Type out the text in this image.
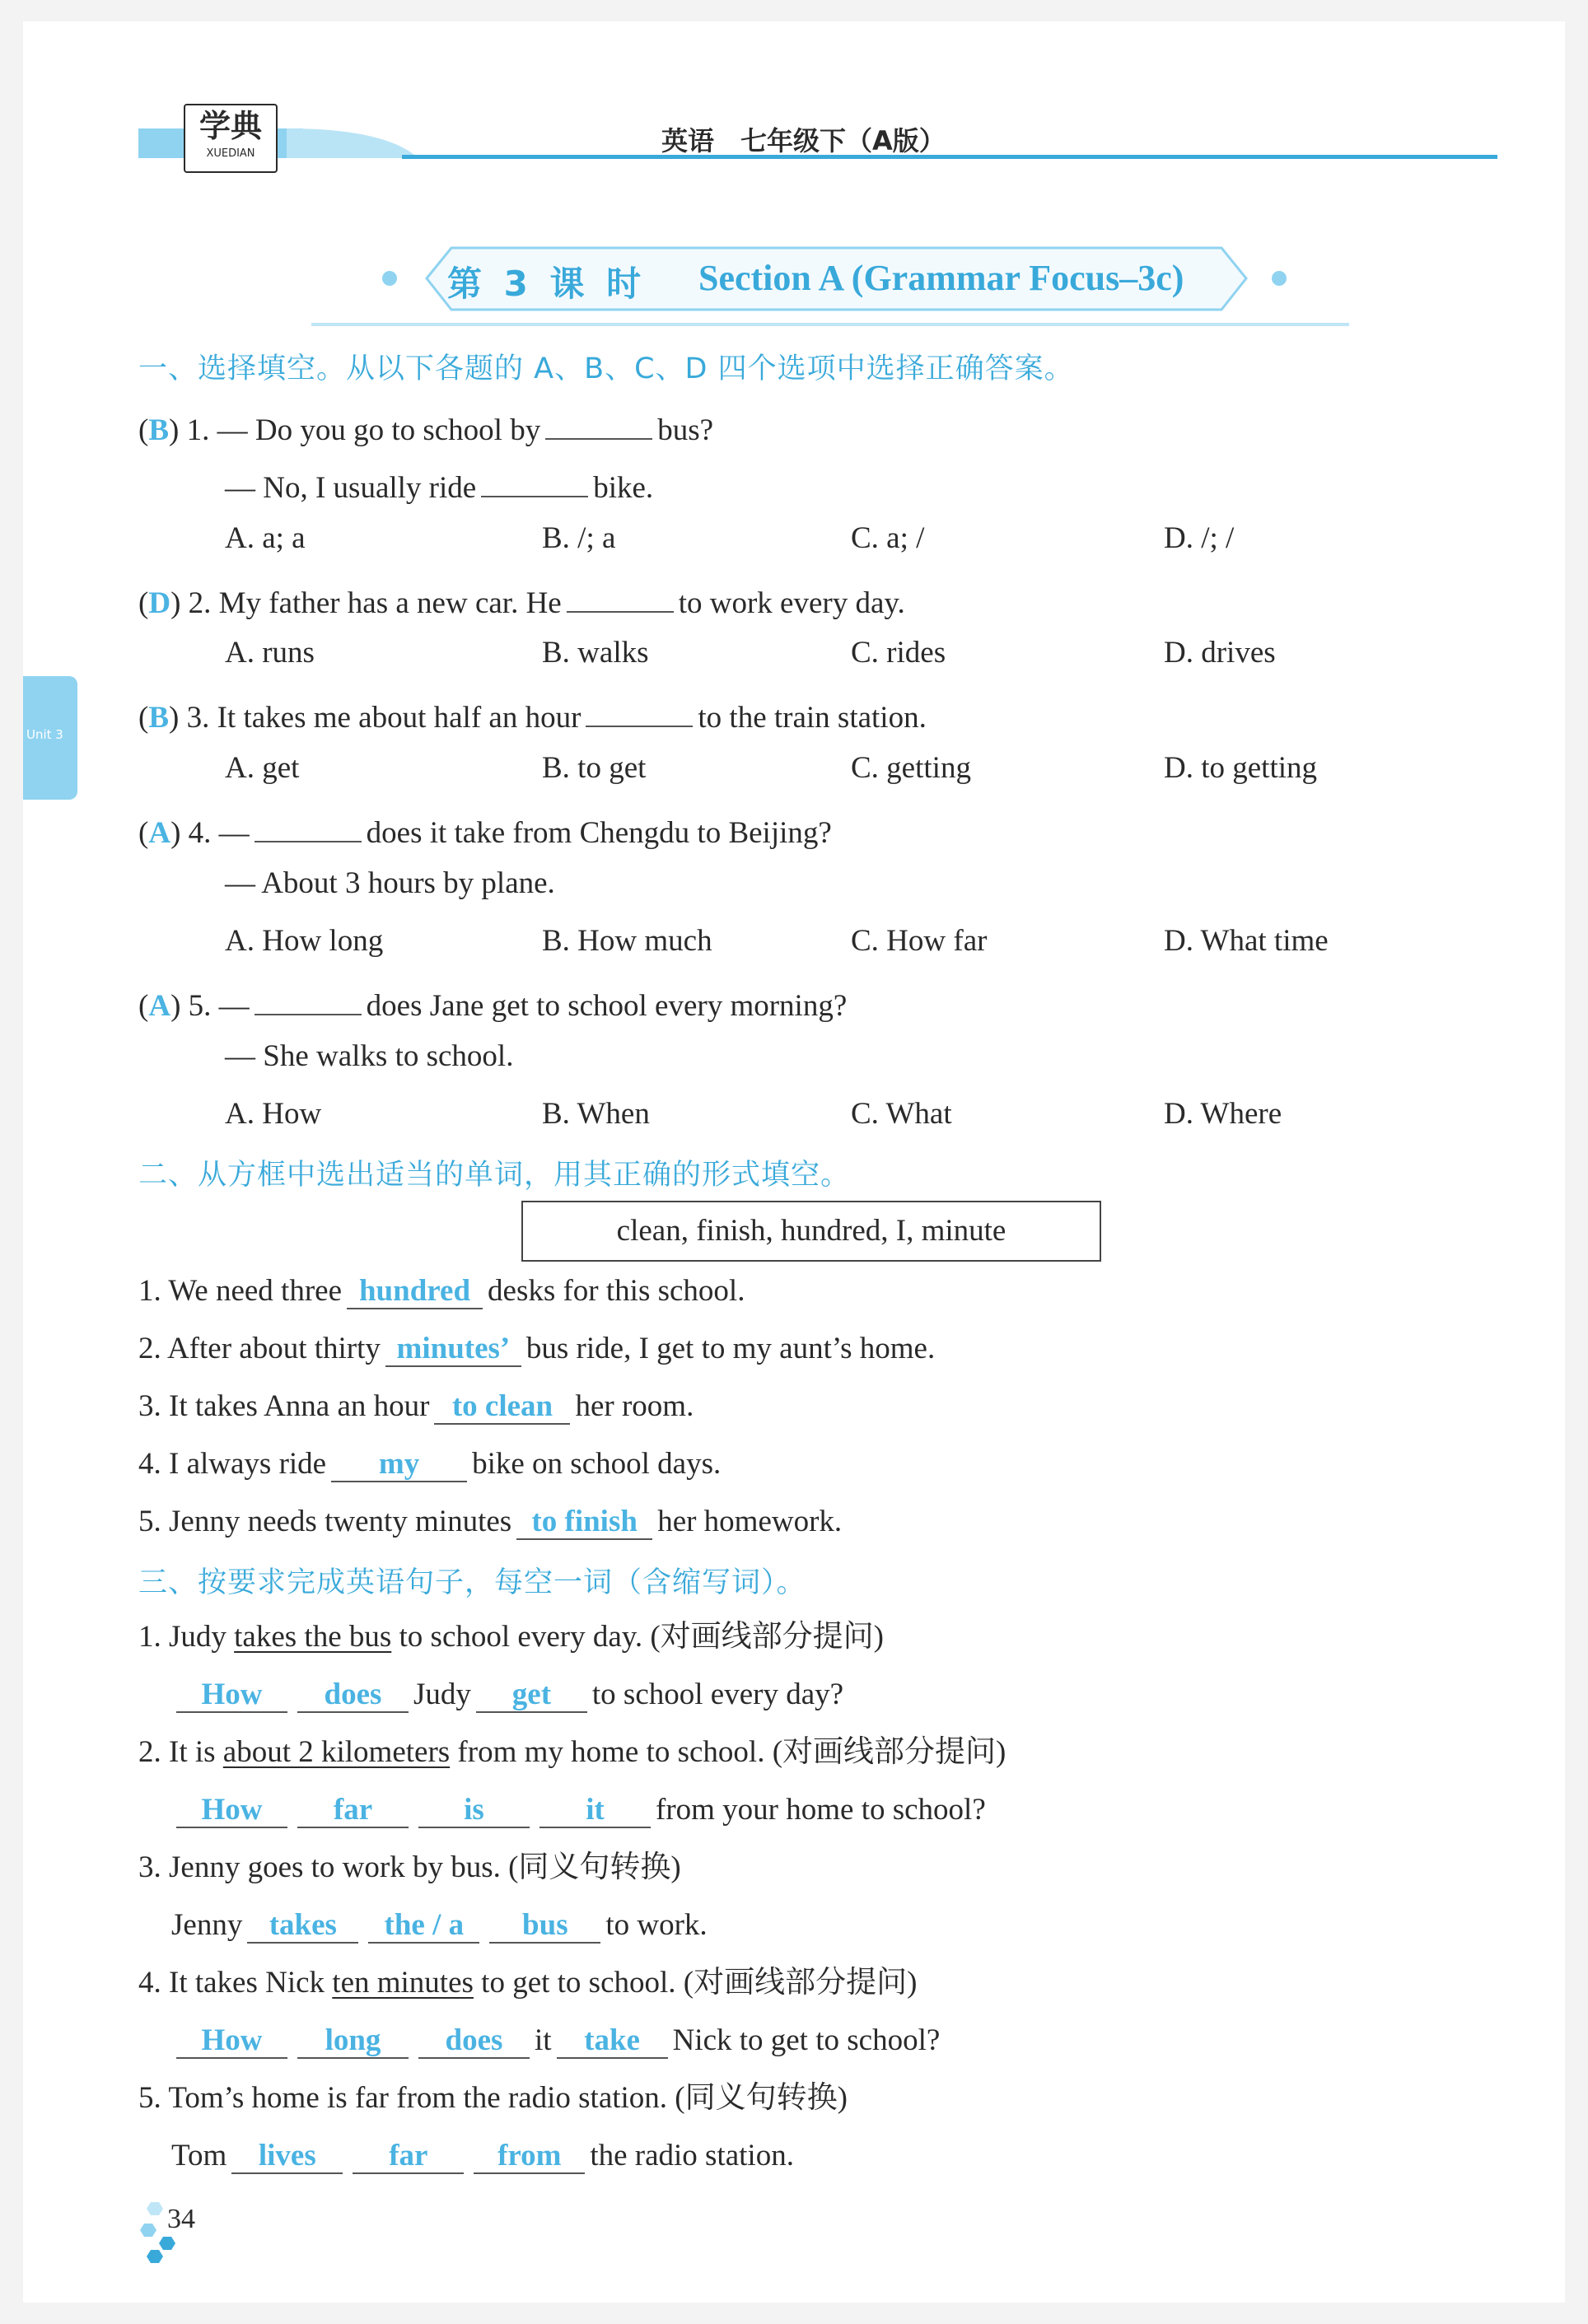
学典
XUEDIAN	英语　七年级下（A版）
第 3 课 时 Section A (Grammar Focus–3c)
Unit 3
一、选择填空。从以下各题的 A、B、C、D 四个选项中选择正确答案。
(B) 1. — Do you go to school by	bus?
— No, I usually ride	bike.
A. a; a	B. /; a	C. a; /	D. /; /
(D) 2. My father has a new car. He	to work every day.
A. runs	B. walks	C. rides	D. drives
(B) 3. It takes me about half an hour	to the train station.
A. get	B. to get	C. getting	D. to getting
(A) 4. —	does it take from Chengdu to Beijing?
— About 3 hours by plane.
A. How long	B. How much	C. How far	D. What time
(A) 5. —	does Jane get to school every morning?
— She walks to school.
A. How	B. When	C. What	D. Where
二、从方框中选出适当的单词，用其正确的形式填空。
clean, finish, hundred, I, minute
1. We need three hundred desks for this school.
2. After about thirty minutes’ bus ride, I get to my aunt’s home.
3. It takes Anna an hour to clean her room.
4. I always ride my bike on school days.
5. Jenny needs twenty minutes to finish her homework.
三、按要求完成英语句子，每空一词（含缩写词）。
1. Judy takes the bus to school every day. (对画线部分提问)
How does Judy get to school every day?
2. It is about 2 kilometers from my home to school. (对画线部分提问)
How far	is	it from your home to school?
3. Jenny goes to work by bus. (同义句转换)
Jenny takes the / a bus to work.
4. It takes Nick ten minutes to get to school. (对画线部分提问)
How long does it take Nick to get to school?
5. Tom’s home is far from the radio station. (同义句转换)
Tom lives far from the radio station.
34
